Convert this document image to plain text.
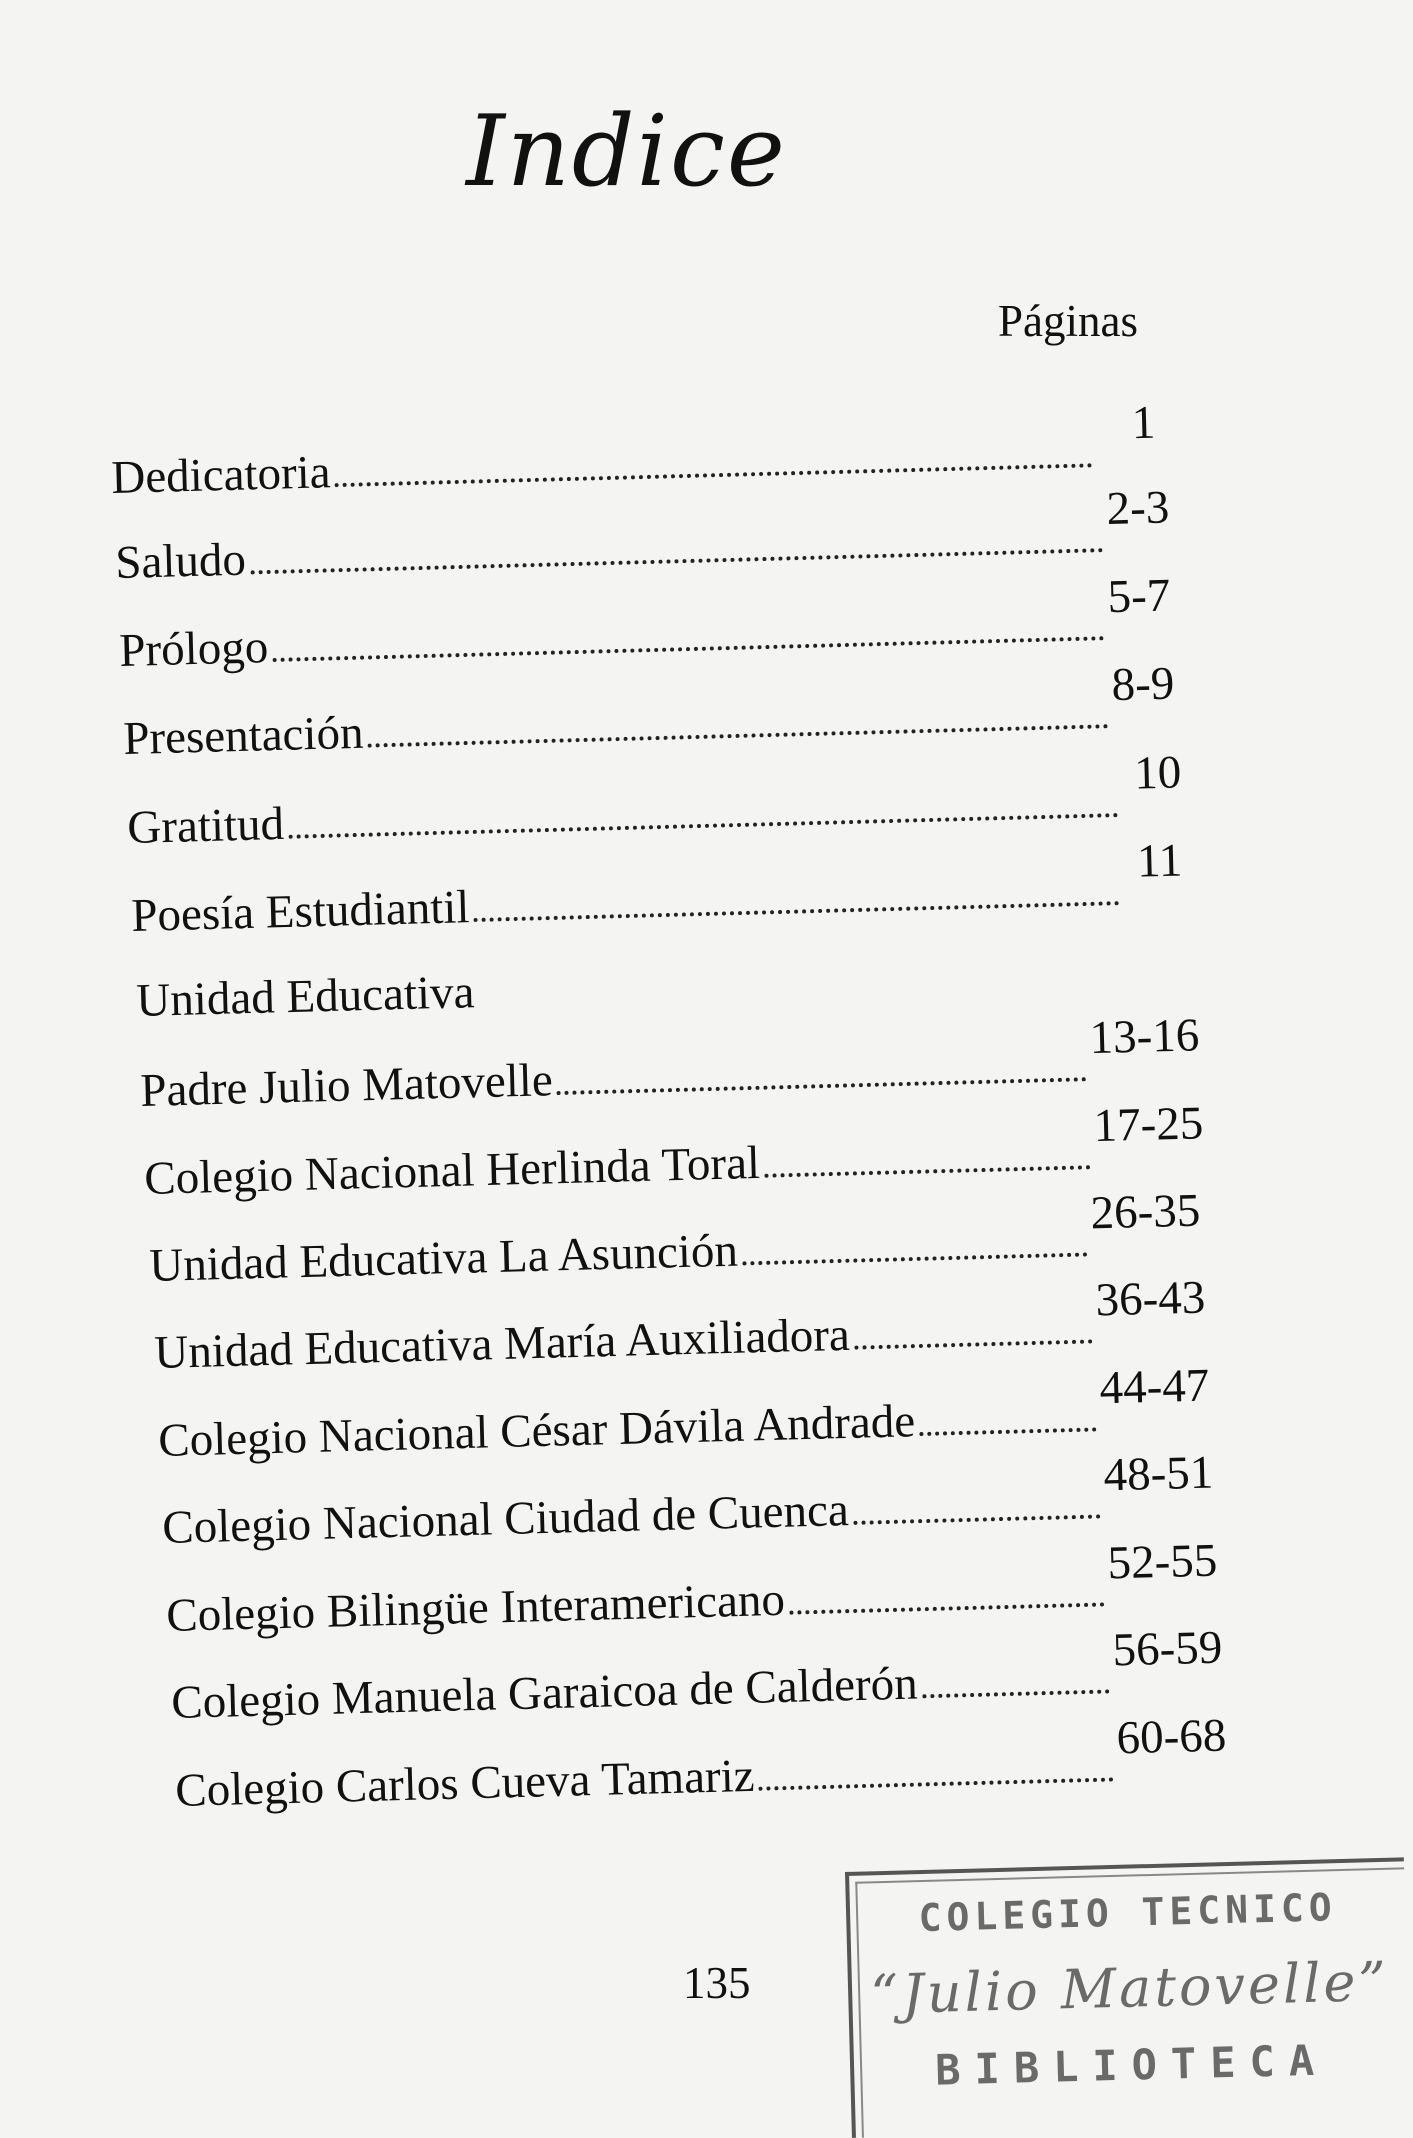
Indice
Páginas
Dedicatoria
1
Saludo
2-3
Prólogo
5-7
Presentación
8-9
Gratitud
10
Poesía Estudiantil
11
Unidad Educativa
Padre Julio Matovelle
13-16
Colegio Nacional Herlinda Toral
17-25
Unidad Educativa La Asunción
26-35
Unidad Educativa María Auxiliadora
36-43
Colegio Nacional César Dávila Andrade
44-47
Colegio Nacional Ciudad de Cuenca
48-51
Colegio Bilingüe Interamericano
52-55
Colegio Manuela Garaicoa de Calderón
56-59
Colegio Carlos Cueva Tamariz
60-68
135
COLEGIO TECNICO
“Julio Matovelle”
BIBLIOTECA
